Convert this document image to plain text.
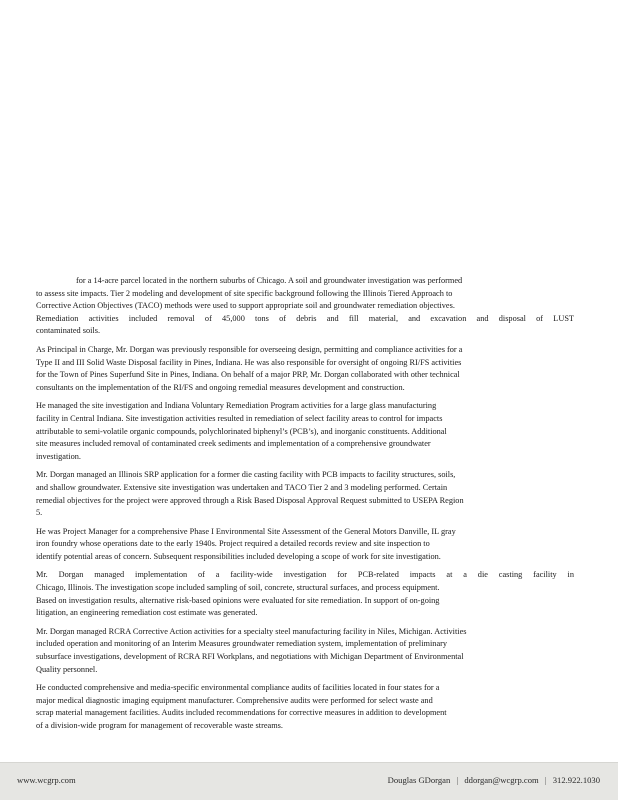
for a 14-acre parcel located in the northern suburbs of Chicago. A soil and groundwater investigation was performed
to assess site impacts. Tier 2 modeling and development of site specific background following the Illinois Tiered Approach to
Corrective Action Objectives (TACO) methods were used to support appropriate soil and groundwater remediation objectives.
Remediation activities included removal of 45,000 tons of debris and fill material, and excavation and disposal of LUST
contaminated soils.

As Principal in Charge, Mr. Dorgan was previously responsible for overseeing design, permitting and compliance activities for a
Type II and III Solid Waste Disposal facility in Pines, Indiana. He was also responsible for oversight of ongoing RI/FS activities
for the Town of Pines Superfund Site in Pines, Indiana. On behalf of a major PRP, Mr. Dorgan collaborated with other technical
consultants on the implementation of the RI/FS and ongoing remedial measures development and construction.

He managed the site investigation and Indiana Voluntary Remediation Program activities for a large glass manufacturing
facility in Central Indiana. Site investigation activities resulted in remediation of select facility areas to control for impacts
attributable to semi-volatile organic compounds, polychlorinated biphenyl’s (PCB’s), and inorganic constituents. Additional
site measures included removal of contaminated creek sediments and implementation of a comprehensive groundwater
investigation.

Mr. Dorgan managed an Illinois SRP application for a former die casting facility with PCB impacts to facility structures, soils,
and shallow groundwater. Extensive site investigation was undertaken and TACO Tier 2 and 3 modeling performed. Certain
remedial objectives for the project were approved through a Risk Based Disposal Approval Request submitted to USEPA Region
5.

He was Project Manager for a comprehensive Phase I Environmental Site Assessment of the General Motors Danville, IL gray
iron foundry whose operations date to the early 1940s. Project required a detailed records review and site inspection to
identify potential areas of concern. Subsequent responsibilities included developing a scope of work for site investigation.

Mr. Dorgan managed implementation of a facility-wide investigation for PCB-related impacts at a die casting facility in
Chicago, Illinois. The investigation scope included sampling of soil, concrete, structural surfaces, and process equipment.
Based on investigation results, alternative risk-based opinions were evaluated for site remediation. In support of on-going
litigation, an engineering remediation cost estimate was generated.

Mr. Dorgan managed RCRA Corrective Action activities for a specialty steel manufacturing facility in Niles, Michigan. Activities
included operation and monitoring of an Interim Measures groundwater remediation system, implementation of preliminary
subsurface investigations, development of RCRA RFI Workplans, and negotiations with Michigan Department of Environmental
Quality personnel.

He conducted comprehensive and media-specific environmental compliance audits of facilities located in four states for a
major medical diagnostic imaging equipment manufacturer. Comprehensive audits were performed for select waste and
scrap material management facilities. Audits included recommendations for corrective measures in addition to development
of a division-wide program for management of recoverable waste streams.

www.wcgrp.com	Douglas GDorgan | ddorgan@wcgrp.com | 312.922.1030
